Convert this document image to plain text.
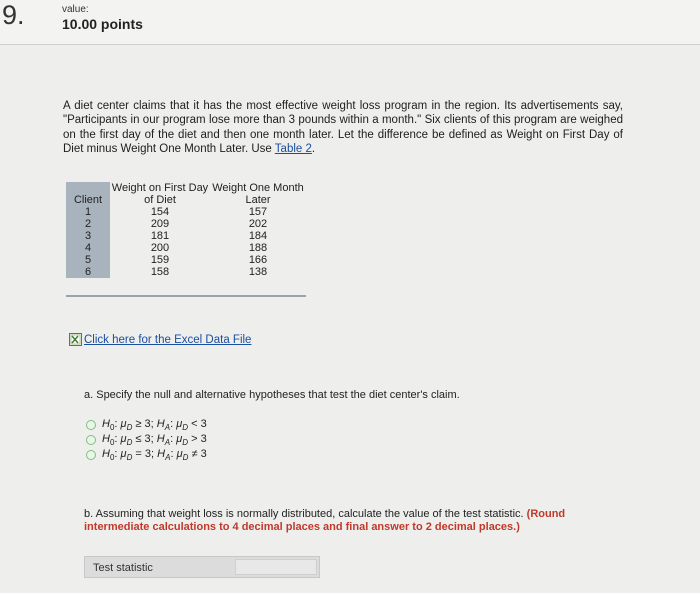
9.	value:
10.00 points
A diet center claims that it has the most effective weight loss program in the region. Its advertisements say, "Participants in our program lose more than 3 pounds within a month." Six clients of this program are weighed on the first day of the diet and then one month later. Let the difference be defined as Weight on First Day of Diet minus Weight One Month Later. Use Table 2.
Client	Weight on First Day of Diet	Weight One Month Later
1	154	157
2	209	202
3	181	184
4	200	188
5	159	166
6	158	138
Click here for the Excel Data File
a. Specify the null and alternative hypotheses that test the diet center's claim.
$H_0$: $\mu_D \ge 3$; $H_A$: $\mu_D < 3$
$H_0$: $\mu_D \le 3$; $H_A$: $\mu_D > 3$
$H_0$: $\mu_D = 3$; $H_A$: $\mu_D \ne 3$
b. Assuming that weight loss is normally distributed, calculate the value of the test statistic. (Round intermediate calculations to 4 decimal places and final answer to 2 decimal places.)
Test statistic
